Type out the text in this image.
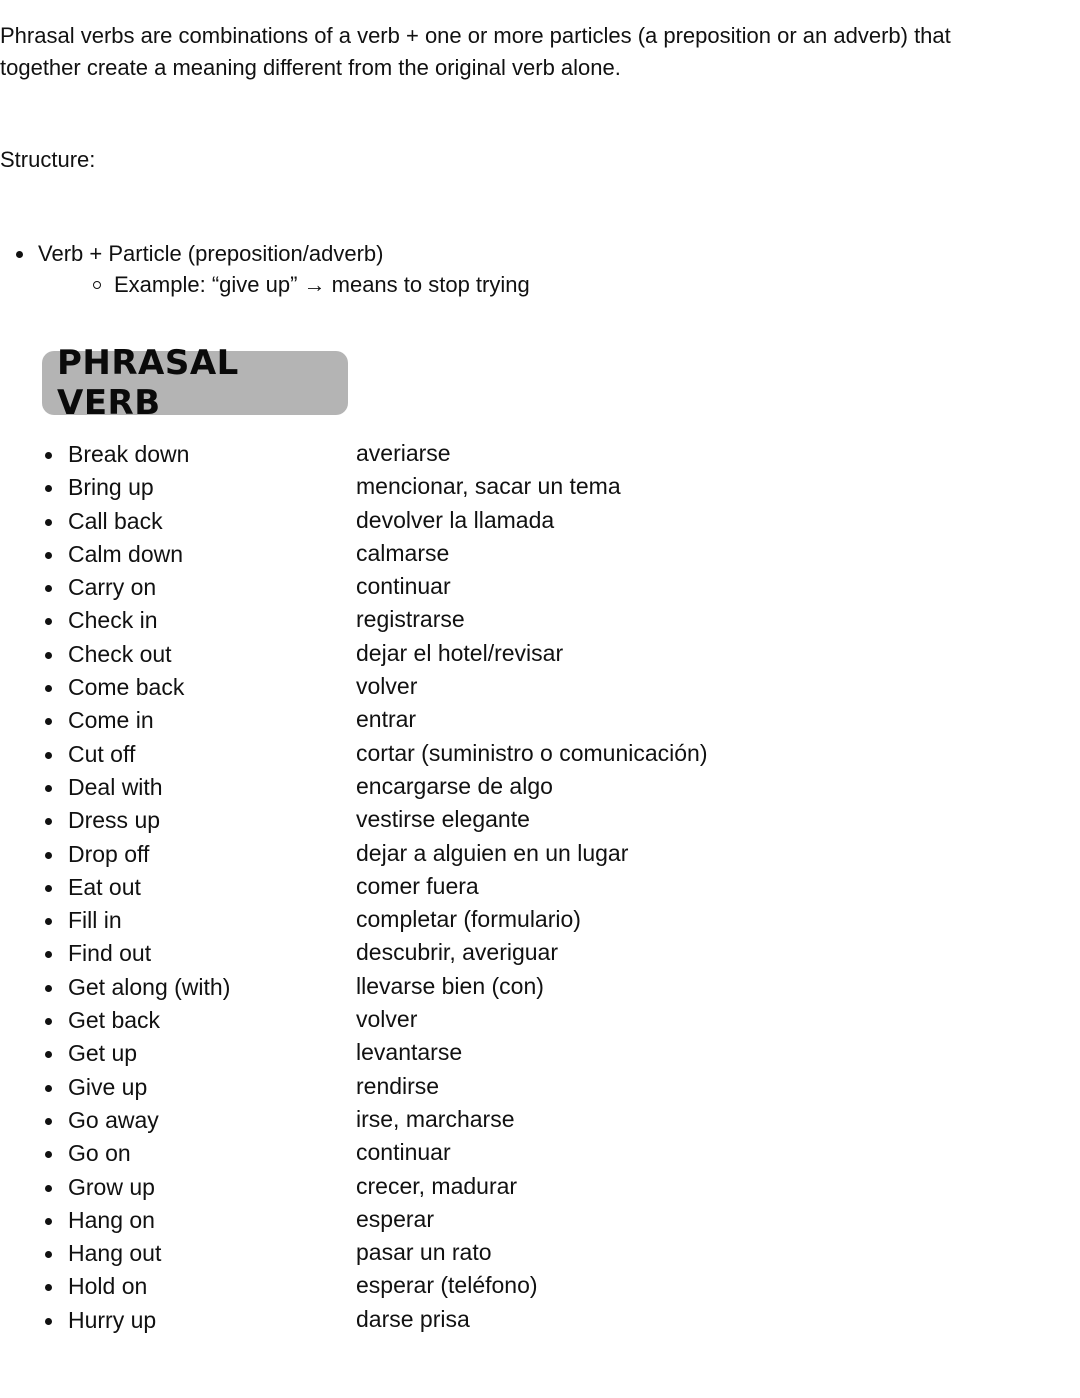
Phrasal verbs are combinations of a verb + one or more particles (a preposition or an adverb) that together create a meaning different from the original verb alone.

Structure:

Verb + Particle (preposition/adverb)
Example: “give up” → means to stop trying
PHRASAL VERB
Break down	averiarse
Bring up	mencionar, sacar un tema
Call back	devolver la llamada
Calm down	calmarse
Carry on	continuar
Check in	registrarse
Check out	dejar el hotel/revisar
Come back	volver
Come in	entrar
Cut off	cortar (suministro o comunicación)
Deal with	encargarse de algo
Dress up	vestirse elegante
Drop off	dejar a alguien en un lugar
Eat out	comer fuera
Fill in	completar (formulario)
Find out	descubrir, averiguar
Get along (with)	llevarse bien (con)
Get back	volver
Get up	levantarse
Give up	rendirse
Go away	irse, marcharse
Go on	continuar
Grow up	crecer, madurar
Hang on	esperar
Hang out	pasar un rato
Hold on	esperar (teléfono)
Hurry up	darse prisa
